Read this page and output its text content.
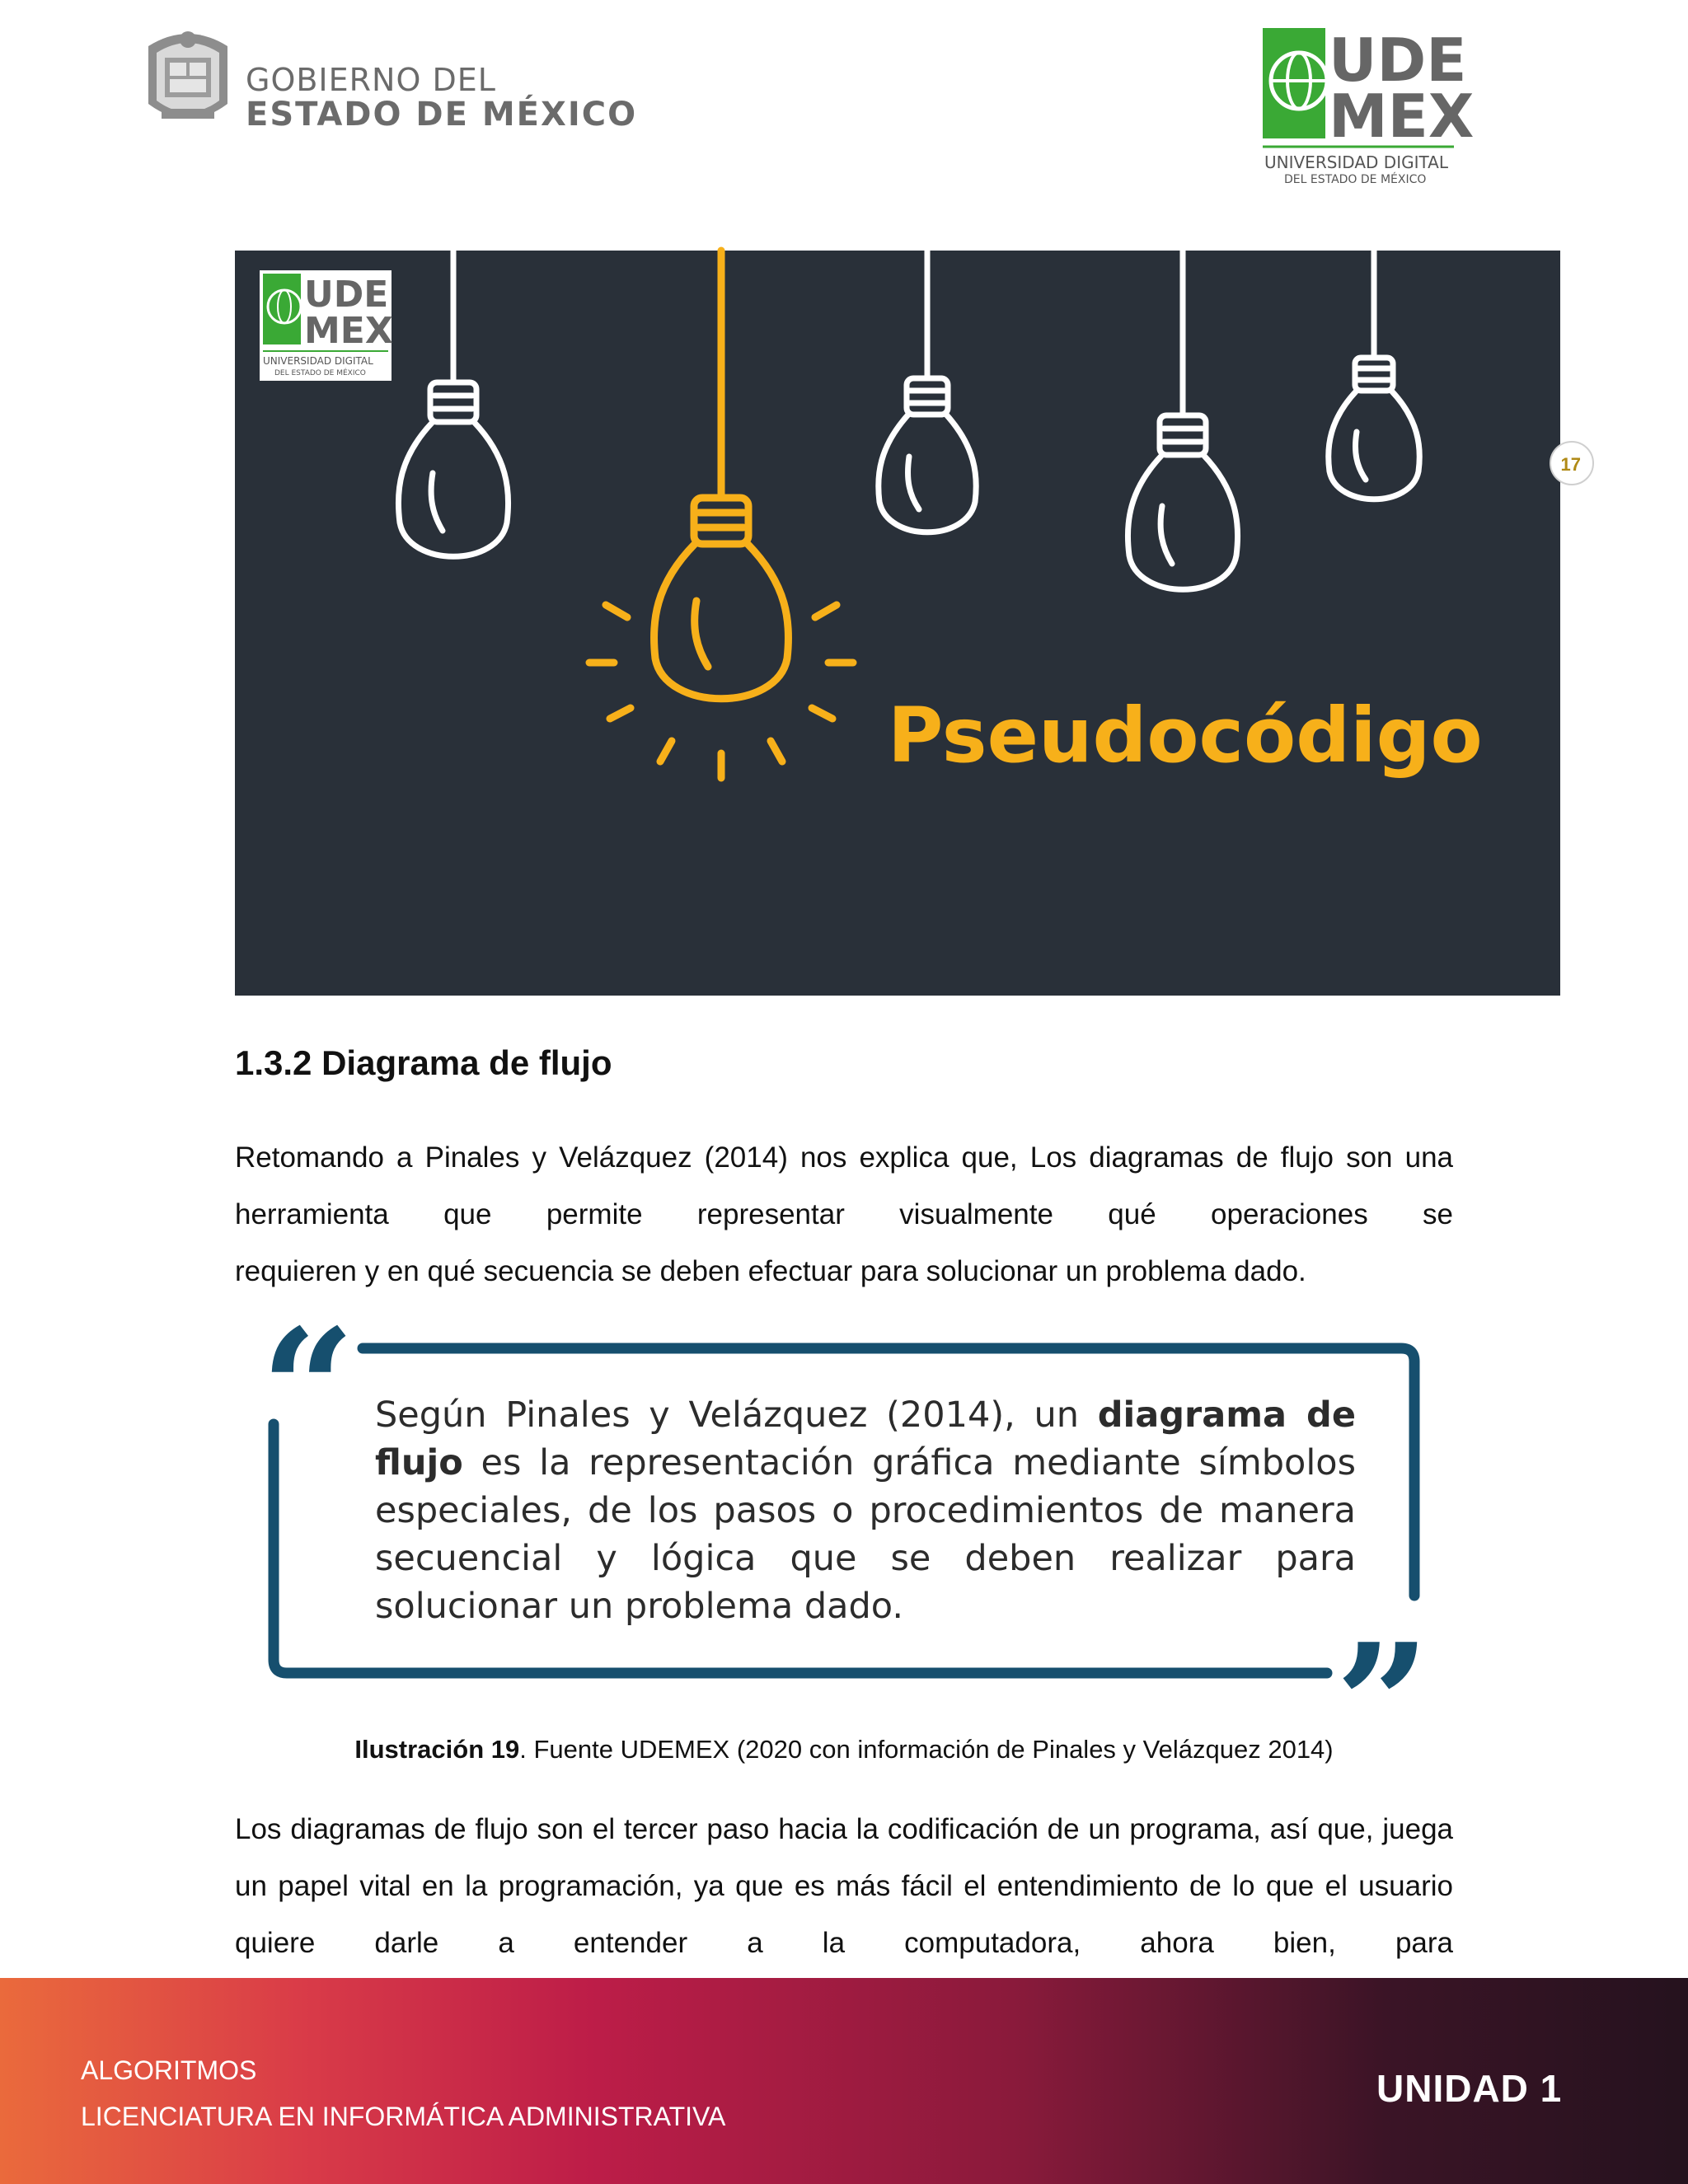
GOBIERNO DEL
ESTADO DE MÉXICO
UDE
MEX
UNIVERSIDAD DIGITAL
DEL ESTADO DE MÉXICO
UDE
MEX
UNIVERSIDAD DIGITAL
DEL ESTADO DE MÉXICO
Pseudocódigo
17
1.3.2 Diagrama de flujo
Retomando a Pinales y Velázquez (2014) nos explica que, Los diagramas de flujo son una herramienta que permite representar visualmente qué operaciones se
requieren y en qué secuencia se deben efectuar para solucionar un problema dado.
“
”
Según Pinales y Velázquez (2014), un diagrama de flujo es la representación gráfica mediante símbolos especiales, de los pasos o procedimientos de manera secuencial y lógica que se deben realizar para
solucionar un problema dado.
Ilustración 19. Fuente UDEMEX (2020 con información de Pinales y Velázquez 2014)
Los diagramas de flujo son el tercer paso hacia la codificación de un programa, así que, juega un papel vital en la programación, ya que es más fácil el entendimiento de lo que el usuario quiere darle a entender a la computadora, ahora bien, para
ALGORITMOS
LICENCIATURA EN INFORMÁTICA ADMINISTRATIVA
UNIDAD 1
